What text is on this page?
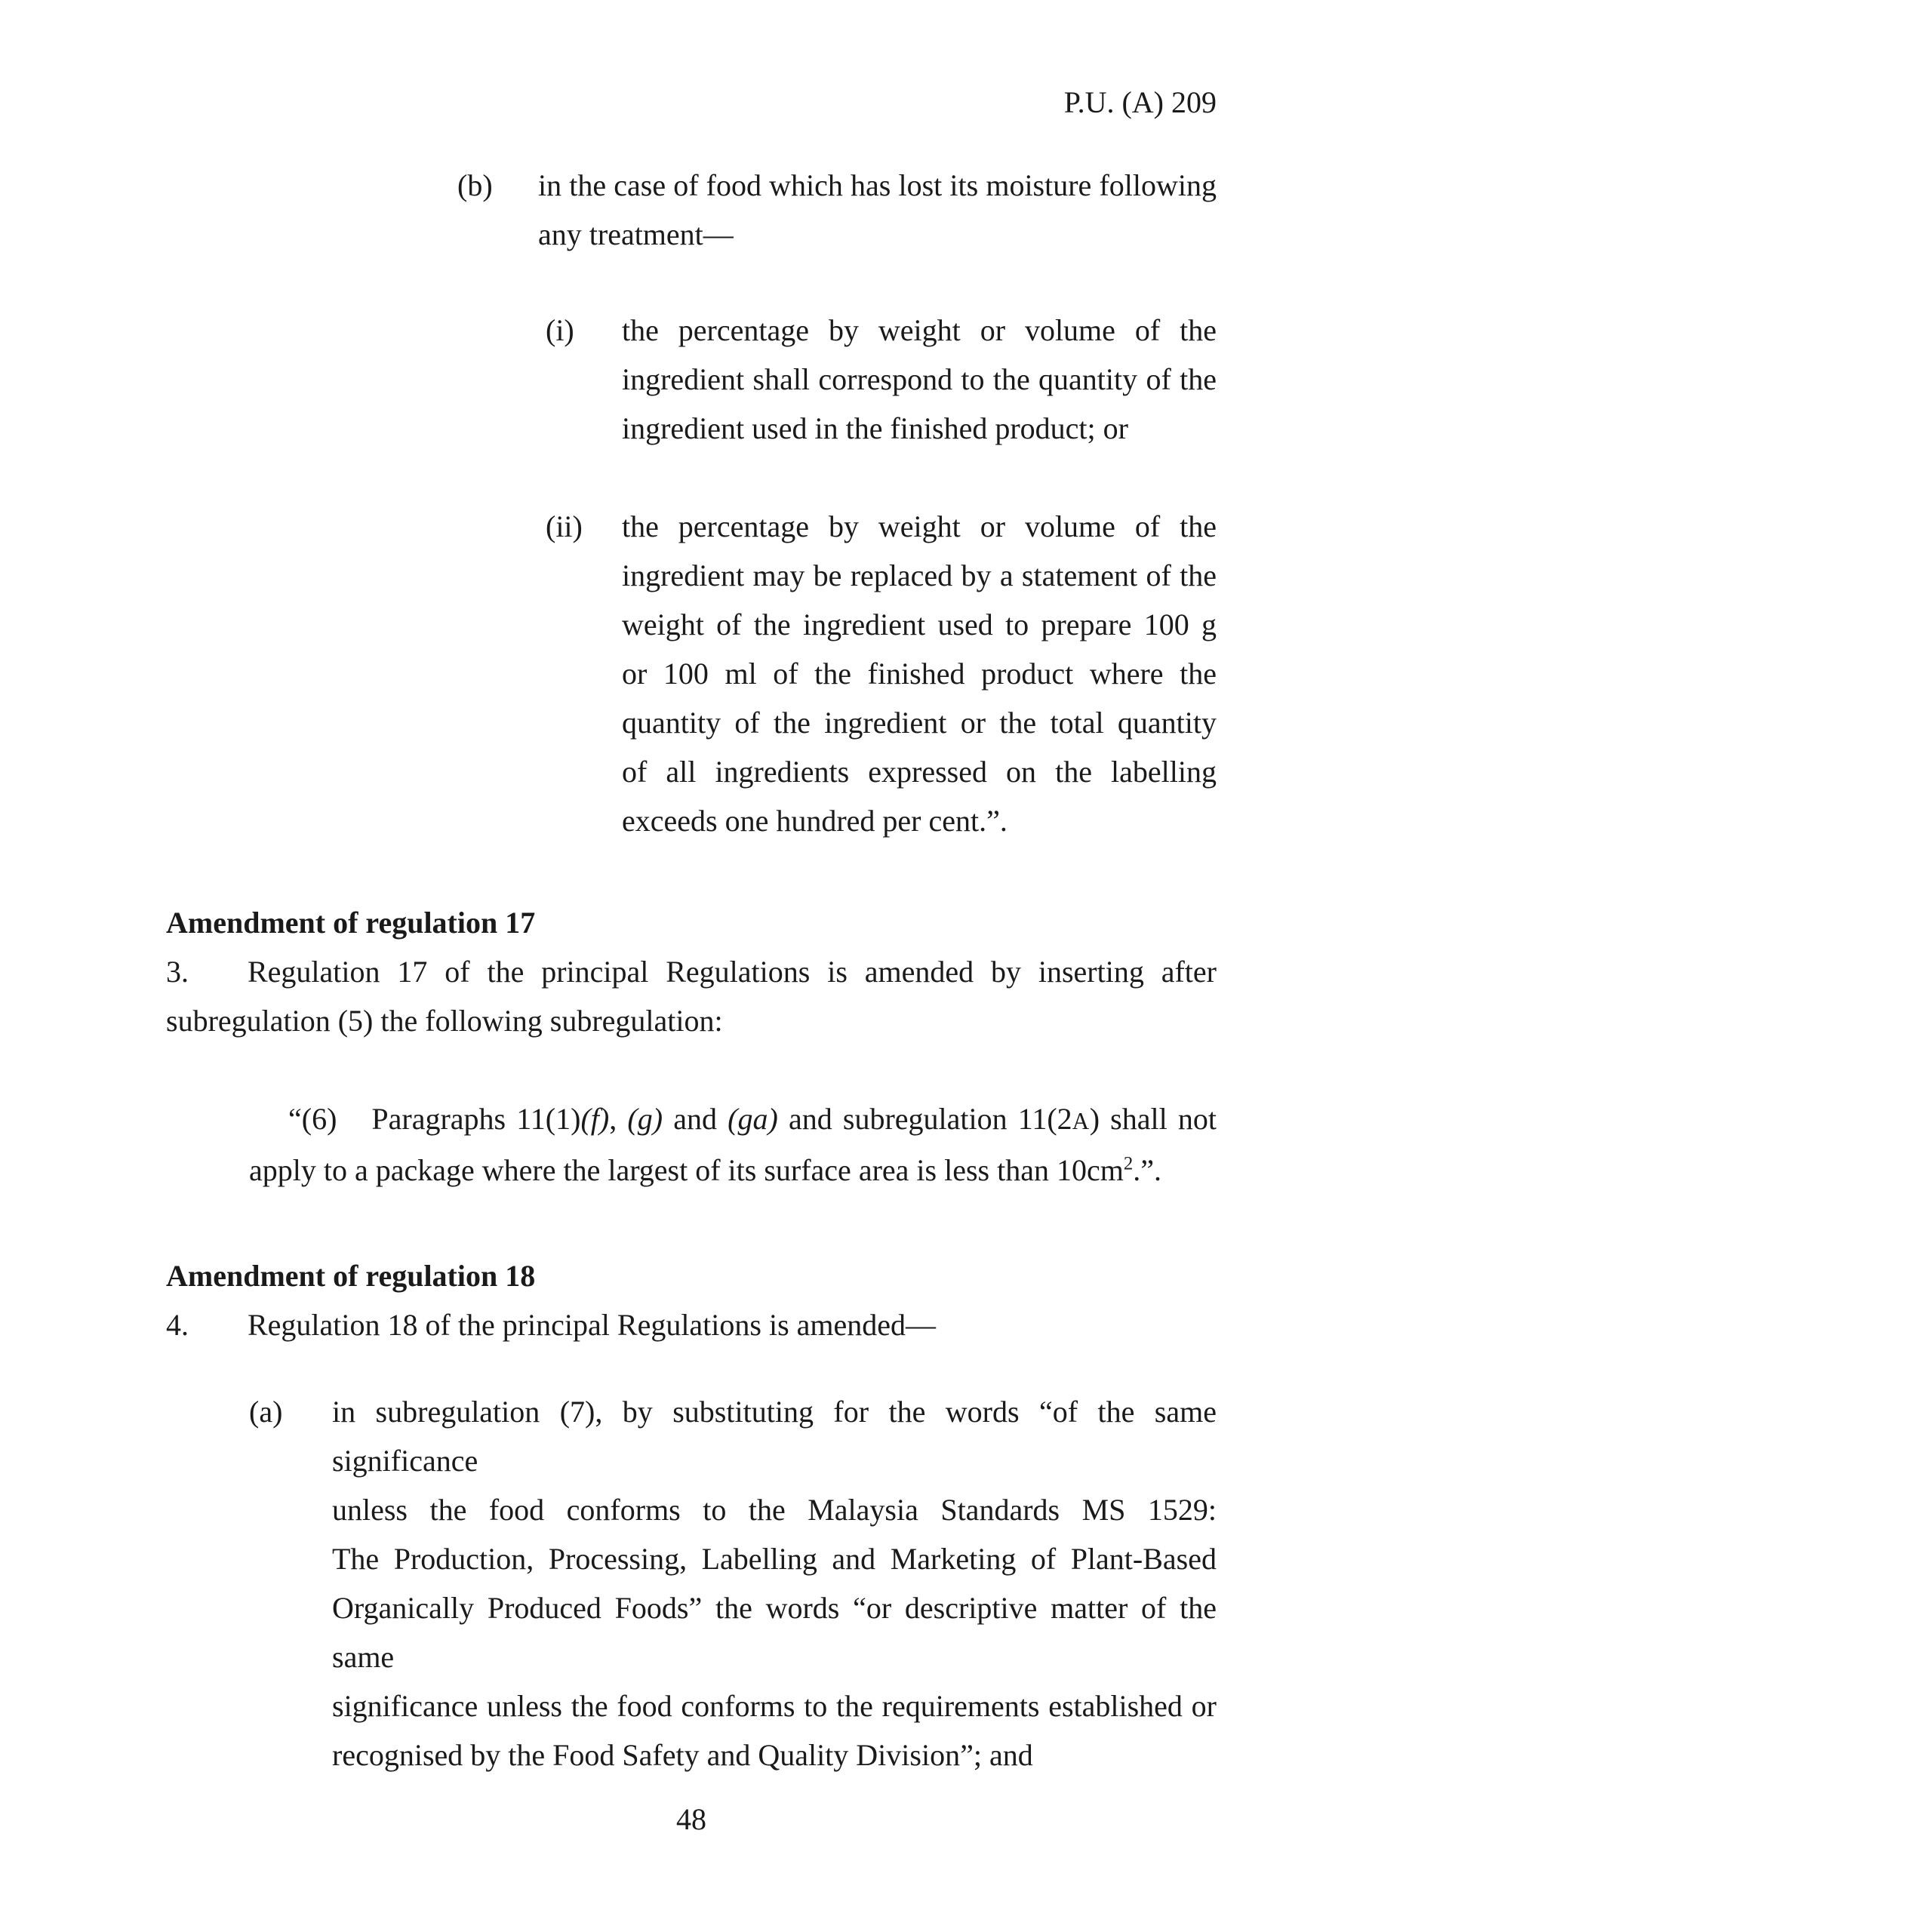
P.U. (A) 209
(b)	in the case of food which has lost its moisture following
any treatment—
(i)	the percentage by weight or volume of the
ingredient shall correspond to the quantity of the
ingredient used in the finished product; or
(ii)	the percentage by weight or volume of the
ingredient may be replaced by a statement of the
weight of the ingredient used to prepare 100 g
or 100 ml of the finished product where the
quantity of the ingredient or the total quantity
of all ingredients expressed on the labelling
exceeds one hundred per cent.”.
Amendment of regulation 17
3. Regulation 17 of the principal Regulations is amended by inserting after
subregulation (5) the following subregulation:
“(6) Paragraphs 11(1)(f), (g) and (ga) and subregulation 11(2A) shall not
apply to a package where the largest of its surface area is less than $10cm^2$.”.
Amendment of regulation 18
4. Regulation 18 of the principal Regulations is amended—
(a)	in subregulation (7), by substituting for the words “of the same significance
unless the food conforms to the Malaysia Standards MS 1529:
The Production, Processing, Labelling and Marketing of Plant-Based
Organically Produced Foods” the words “or descriptive matter of the same
significance unless the food conforms to the requirements established or
recognised by the Food Safety and Quality Division”; and
48
